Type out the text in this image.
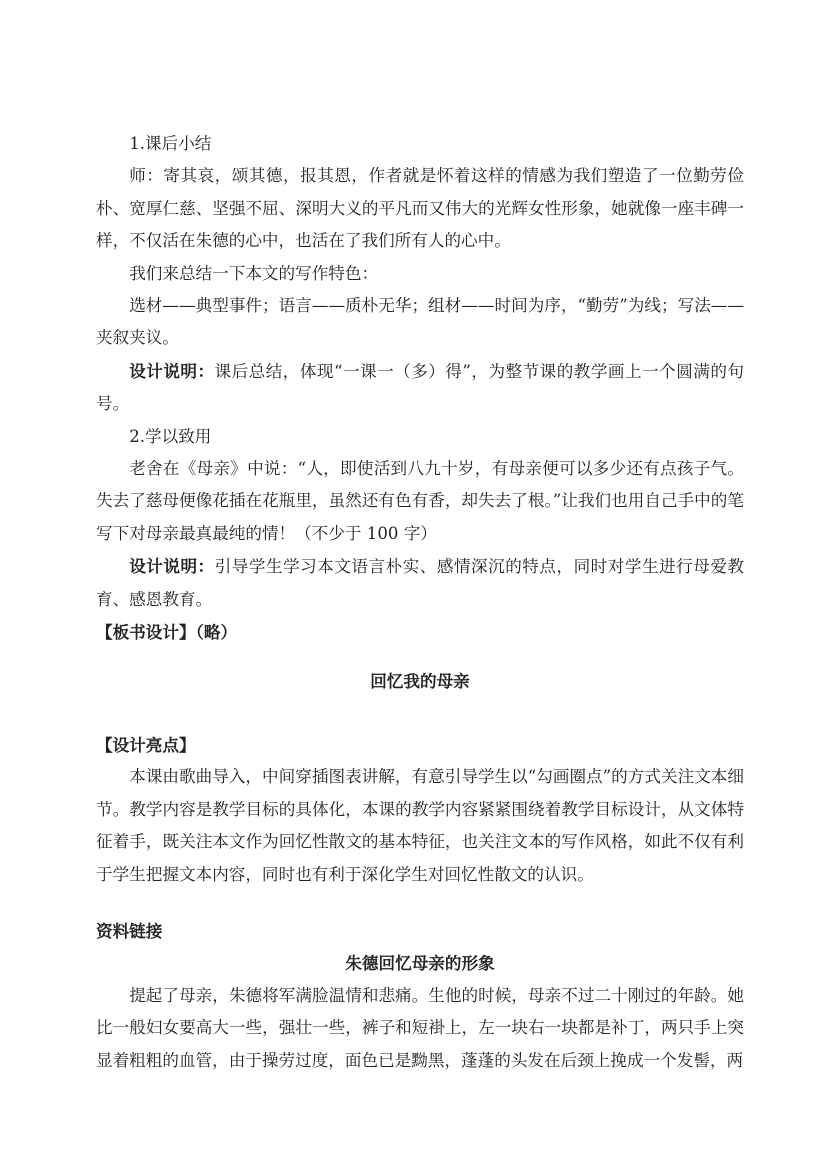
1.课后小结

师：寄其哀，颂其德，报其恩，作者就是怀着这样的情感为我们塑造了一位勤劳俭朴、宽厚仁慈、坚强不屈、深明大义的平凡而又伟大的光辉女性形象，她就像一座丰碑一样，不仅活在朱德的心中，也活在了我们所有人的心中。

我们来总结一下本文的写作特色：

选材——典型事件；语言——质朴无华；组材——时间为序，“勤劳”为线；写法——夹叙夹议。

设计说明：课后总结，体现“一课一（多）得”，为整节课的教学画上一个圆满的句号。

2.学以致用

老舍在《母亲》中说：“人，即使活到八九十岁，有母亲便可以多少还有点孩子气。失去了慈母便像花插在花瓶里，虽然还有色有香，却失去了根。”让我们也用自己手中的笔写下对母亲最真最纯的情！（不少于 100 字）

设计说明：引导学生学习本文语言朴实、感情深沉的特点，同时对学生进行母爱教育、感恩教育。

【板书设计】（略）

回忆我的母亲

【设计亮点】

本课由歌曲导入，中间穿插图表讲解，有意引导学生以“勾画圈点”的方式关注文本细节。教学内容是教学目标的具体化，本课的教学内容紧紧围绕着教学目标设计，从文体特征着手，既关注本文作为回忆性散文的基本特征，也关注文本的写作风格，如此不仅有利于学生把握文本内容，同时也有利于深化学生对回忆性散文的认识。

资料链接

朱德回忆母亲的形象

提起了母亲，朱德将军满脸温情和悲痛。生他的时候，母亲不过二十刚过的年龄。她比一般妇女要高大一些，强壮一些，裤子和短褂上，左一块右一块都是补丁，两只手上突显着粗粗的血管，由于操劳过度，面色已是黝黑，蓬蓬的头发在后颈上挽成一个发髻，两
